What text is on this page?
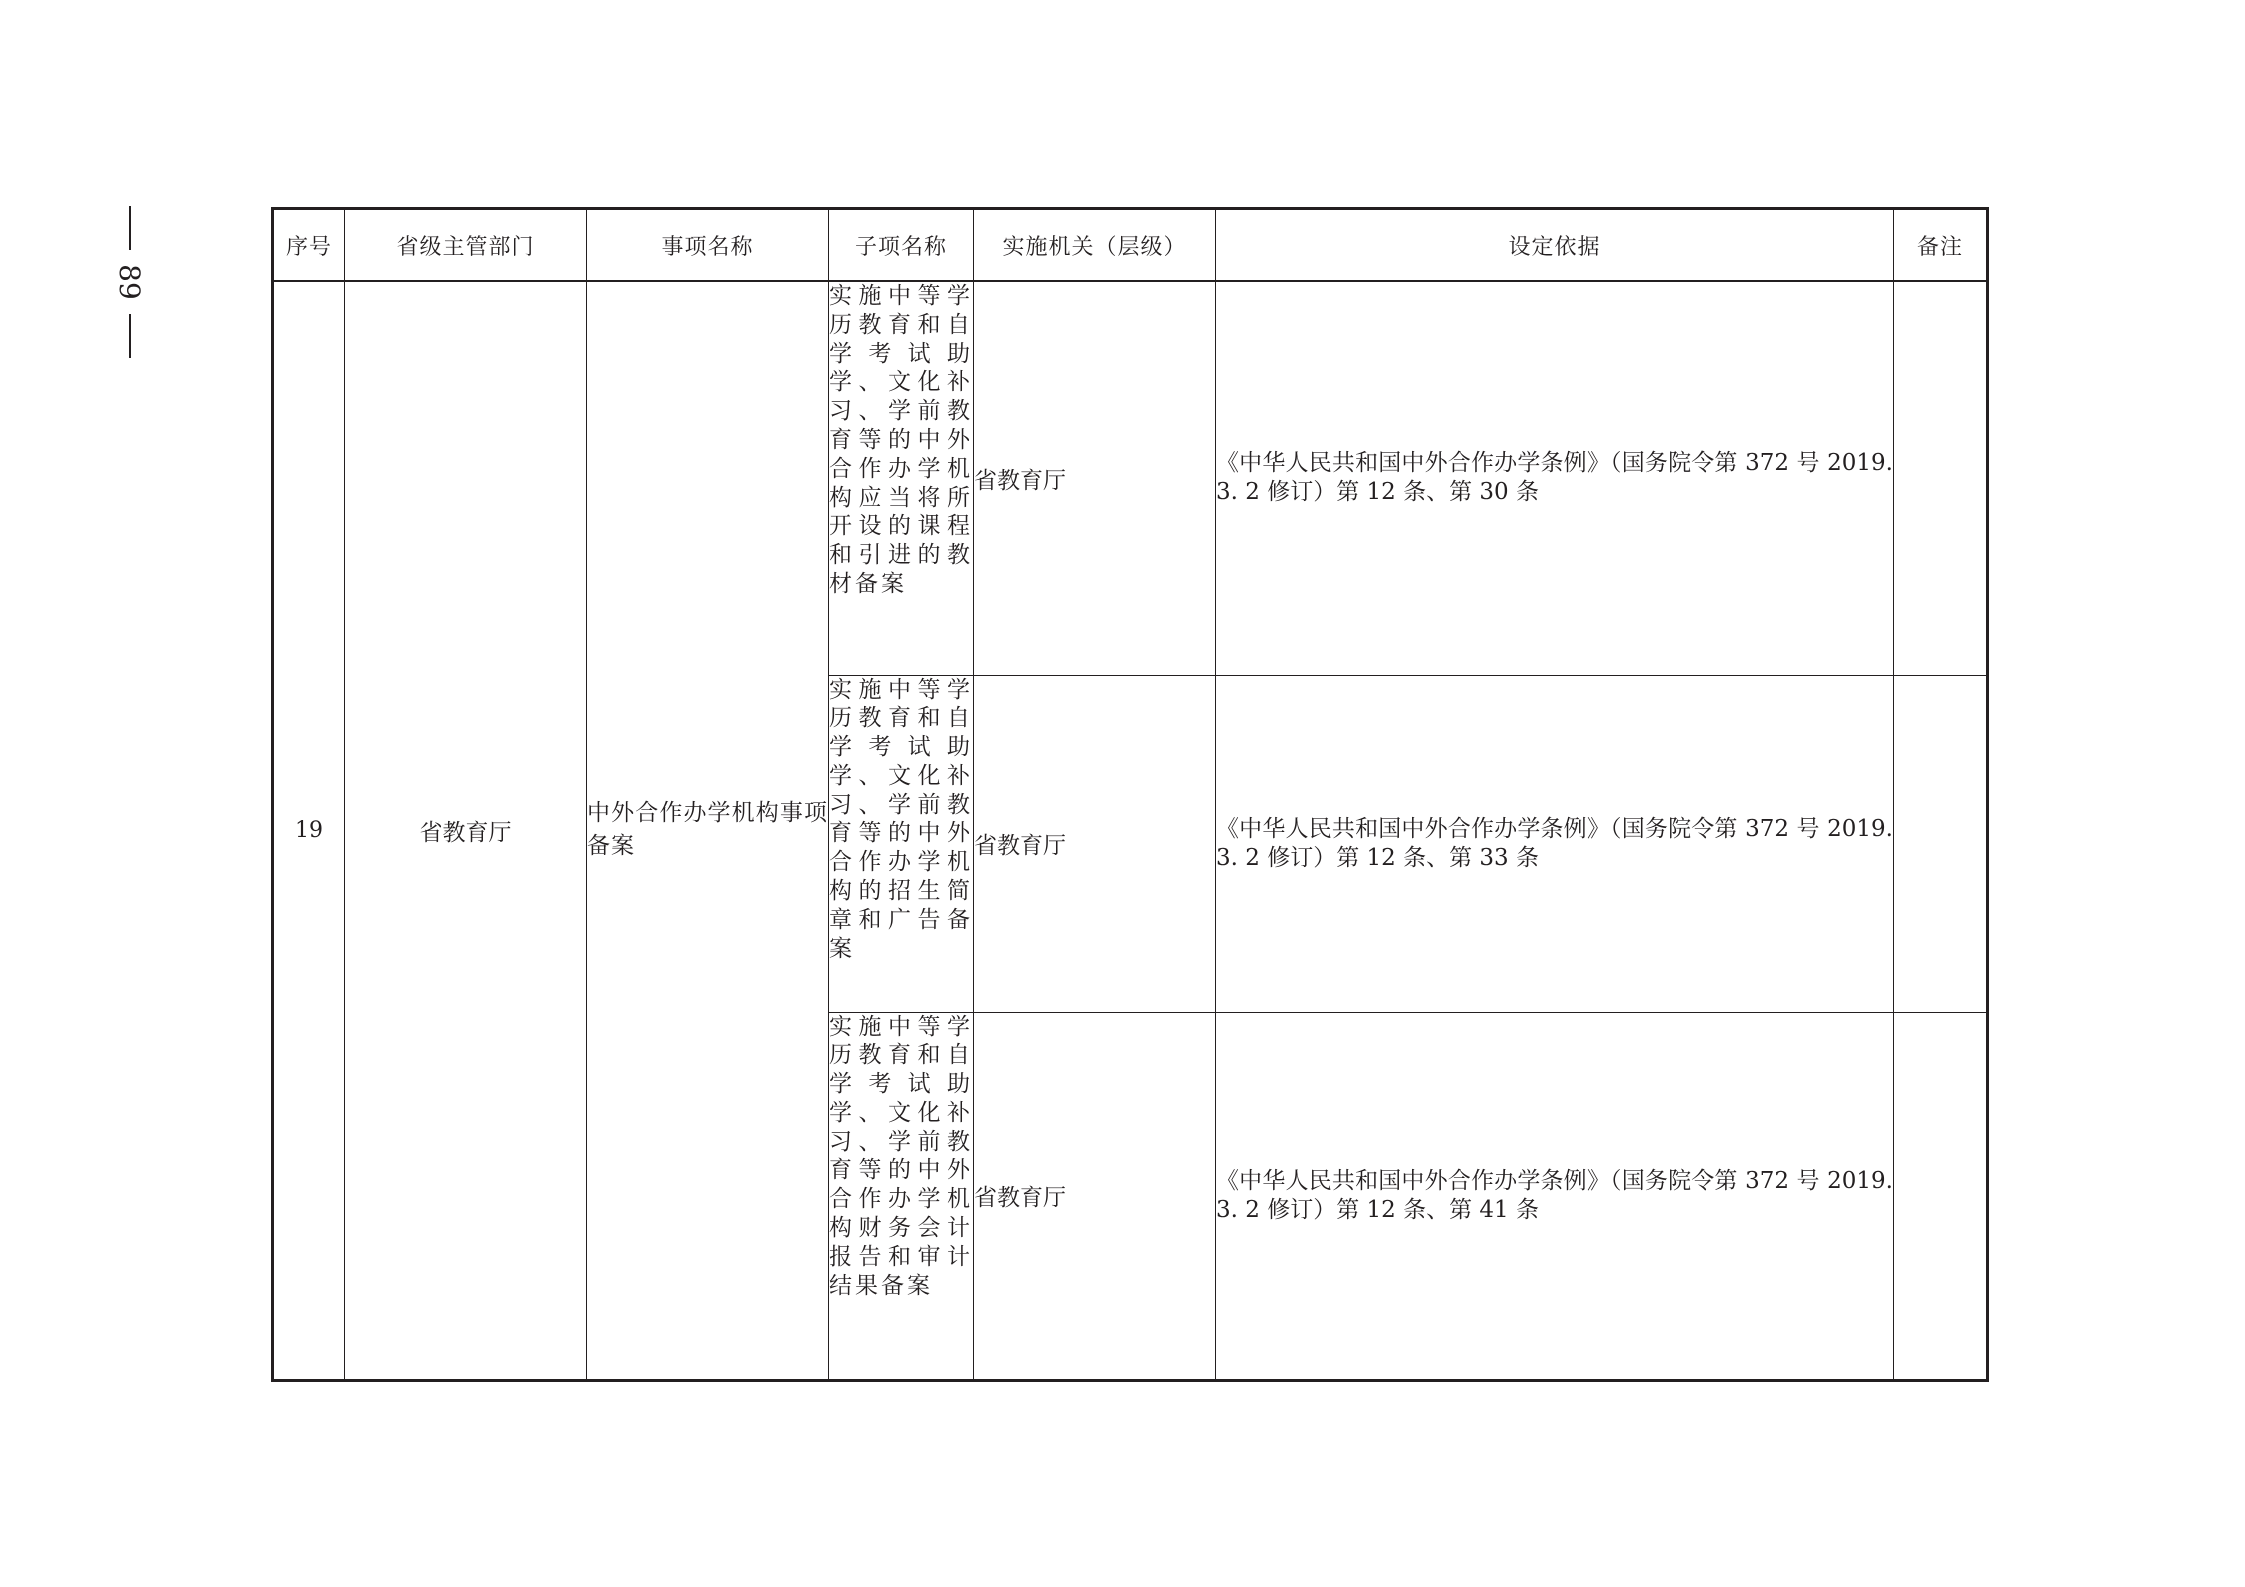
89
序号	省级主管部门	事项名称	子项名称	实施机关（层级）	设定依据	备注
19	省教育厅	中外合作办学机构事项备案	实施中等学历教育和自学考试助学、文化补习、学前教育等的中外合作办学机构应当将所开设的课程和引进的教材备案	省教育厅	《中华人民共和国中外合作办学条例》（国务院令第 372 号 2019. 3. 2 修订）第 12 条、第 30 条	
			实施中等学历教育和自学考试助学、文化补习、学前教育等的中外合作办学机构的招生简章和广告备案	省教育厅	《中华人民共和国中外合作办学条例》（国务院令第 372 号 2019. 3. 2 修订）第 12 条、第 33 条	
			实施中等学历教育和自学考试助学、文化补习、学前教育等的中外合作办学机构财务会计报告和审计结果备案	省教育厅	《中华人民共和国中外合作办学条例》（国务院令第 372 号 2019. 3. 2 修订）第 12 条、第 41 条	
